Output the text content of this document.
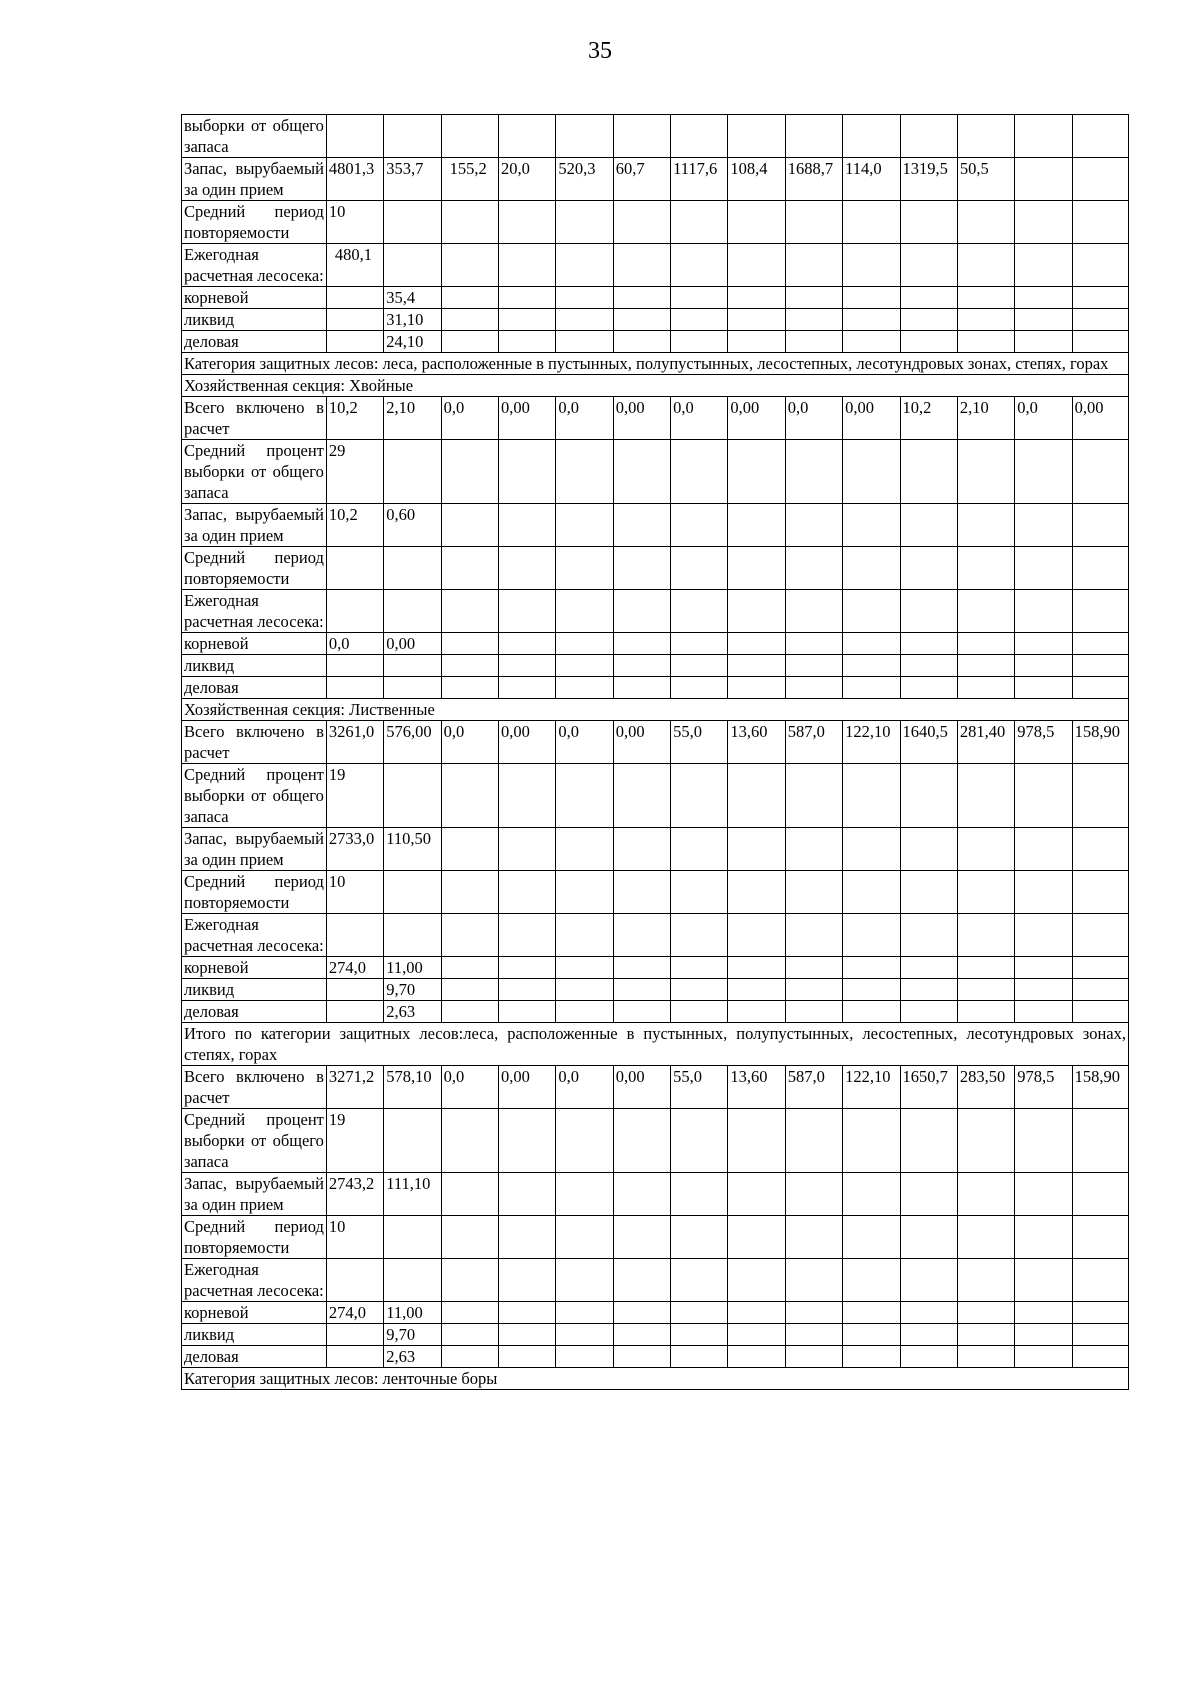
35
выборки от общего запаса														
Запас, вырубаемый за один прием	4801,3	353,7	155,2	20,0	520,3	60,7	1117,6	108,4	1688,7	114,0	1319,5	50,5		
Средний период повторяемости	10													
Ежегодная расчетная лесосека:	480,1													
корневой		35,4												
ликвид		31,10												
деловая		24,10												
Категория защитных лесов: леса, расположенные в пустынных, полупустынных, лесостепных, лесотундровых зонах, степях, горах														
Хозяйственная секция: Хвойные														
Всего включено в расчет	10,2	2,10	0,0	0,00	0,0	0,00	0,0	0,00	0,0	0,00	10,2	2,10	0,0	0,00
Средний процент выборки от общего запаса	29													
Запас, вырубаемый за один прием	10,2	0,60												
Средний период повторяемости														
Ежегодная расчетная лесосека:														
корневой	0,0	0,00												
ликвид														
деловая														
Хозяйственная секция: Лиственные														
Всего включено в расчет	3261,0	576,00	0,0	0,00	0,0	0,00	55,0	13,60	587,0	122,10	1640,5	281,40	978,5	158,90
Средний процент выборки от общего запаса	19													
Запас, вырубаемый за один прием	2733,0	110,50												
Средний период повторяемости	10													
Ежегодная расчетная лесосека:														
корневой	274,0	11,00												
ликвид		9,70												
деловая		2,63												
Итого по категории защитных лесов:леса, расположенные в пустынных, полупустынных, лесостепных, лесотундровых зонах, степях, горах														
Всего включено в расчет	3271,2	578,10	0,0	0,00	0,0	0,00	55,0	13,60	587,0	122,10	1650,7	283,50	978,5	158,90
Средний процент выборки от общего запаса	19													
Запас, вырубаемый за один прием	2743,2	111,10												
Средний период повторяемости	10													
Ежегодная расчетная лесосека:														
корневой	274,0	11,00												
ликвид		9,70												
деловая		2,63												
Категория защитных лесов: ленточные боры														
